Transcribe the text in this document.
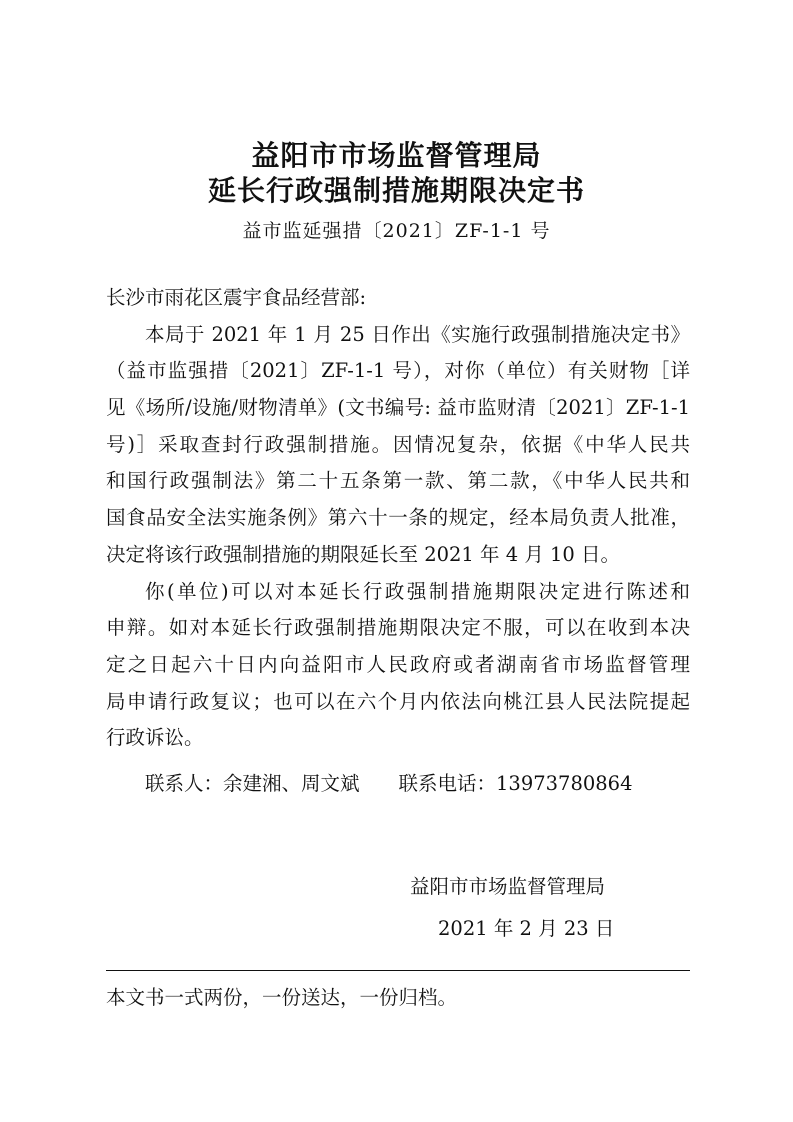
益阳市市场监督管理局
延长行政强制措施期限决定书
益市监延强措〔2021〕ZF-1-1 号
长沙市雨花区震宇食品经营部:
本局于 2021 年 1 月 25 日作出《实施行政强制措施决定书》
（益市监强措〔2021〕ZF-1-1 号），对你（单位）有关财物［详
见《场所/设施/财物清单》(文书编号: 益市监财清〔2021〕ZF-1-1
号)］采取查封行政强制措施。因情况复杂，依据《中华人民共
和国行政强制法》第二十五条第一款、第二款，《中华人民共和
国食品安全法实施条例》第六十一条的规定，经本局负责人批准，
决定将该行政强制措施的期限延长至 2021 年 4 月 10 日。
你(单位)可以对本延长行政强制措施期限决定进行陈述和
申辩。如对本延长行政强制措施期限决定不服，可以在收到本决
定之日起六十日内向益阳市人民政府或者湖南省市场监督管理
局申请行政复议；也可以在六个月内依法向桃江县人民法院提起
行政诉讼。
联系人：余建湘、周文斌　　联系电话：13973780864
益阳市市场监督管理局
2021 年 2 月 23 日
本文书一式两份，一份送达，一份归档。
